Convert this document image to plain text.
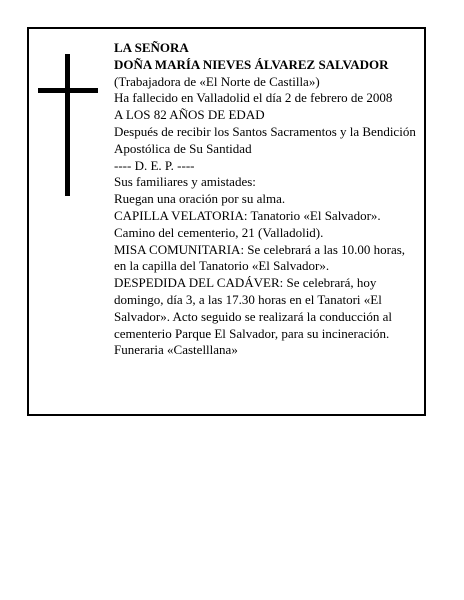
LA SEÑORA
DOÑA MARÍA NIEVES ÁLVAREZ SALVADOR
(Trabajadora de «El Norte de Castilla»)
Ha fallecido en Valladolid el día 2 de febrero de 2008
A LOS 82 AÑOS DE EDAD
Después de recibir los Santos Sacramentos y la Bendición Apostólica de Su Santidad
---- D. E. P. ----
Sus familiares y amistades:
Ruegan una oración por su alma.
CAPILLA VELATORIA: Tanatorio «El Salvador». Camino del cementerio, 21 (Valladolid).
MISA COMUNITARIA: Se celebrará a las 10.00 horas, en la capilla del Tanatorio «El Salvador».
DESPEDIDA DEL CADÁVER: Se celebrará, hoy domingo, día 3, a las 17.30 horas en el Tanatori «El Salvador». Acto seguido se realizará la conducción al cementerio Parque El Salvador, para su incineración.
Funeraria «Castelllana»
